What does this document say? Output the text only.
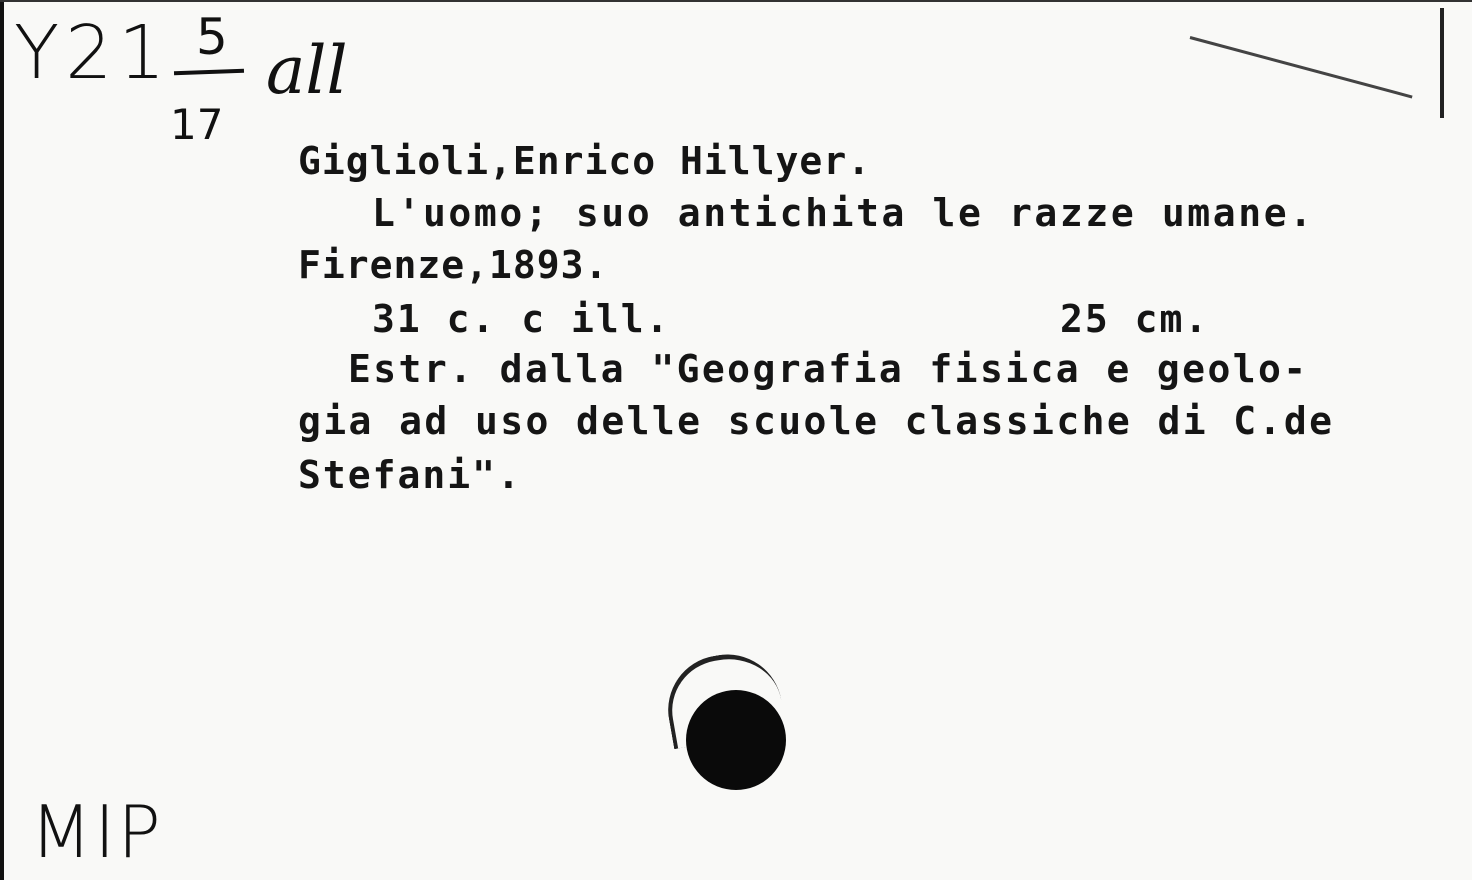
Y21 5
17
all
Giglioli,Enrico Hillyer.
L'uomo; suo antichita le razze umane.
Firenze,1893.
31 c. c ill.	25 cm.
Estr. dalla "Geografia fisica e geolo-
gia ad uso delle scuole classiche di C.de
Stefani".
MIP
